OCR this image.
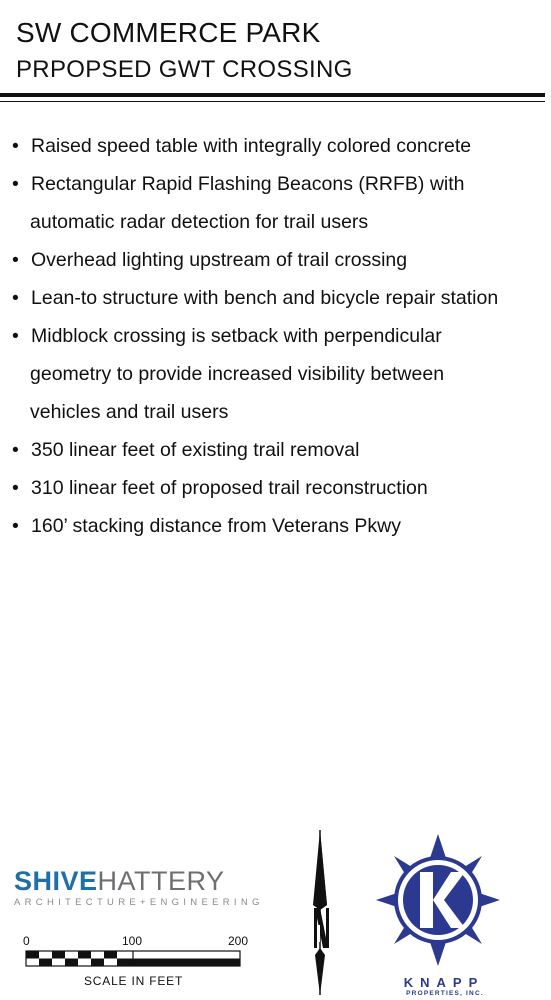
SW COMMERCE PARK
PRPOPSED GWT CROSSING
• Raised speed table with integrally colored concrete
• Rectangular Rapid Flashing Beacons (RRFB) with
automatic radar detection for trail users
• Overhead lighting upstream of trail crossing
• Lean-to structure with bench and bicycle repair station
• Midblock crossing is setback with perpendicular
geometry to provide increased visibility between
vehicles and trail users
• 350 linear feet of existing trail removal
• 310 linear feet of proposed trail reconstruction
• 160’ stacking distance from Veterans Pkwy
SHIVEHATTERY
ARCHITECTURE+ENGINEERING
0	100	200
SCALE IN FEET	KNAPP
PROPERTIES, INC.
